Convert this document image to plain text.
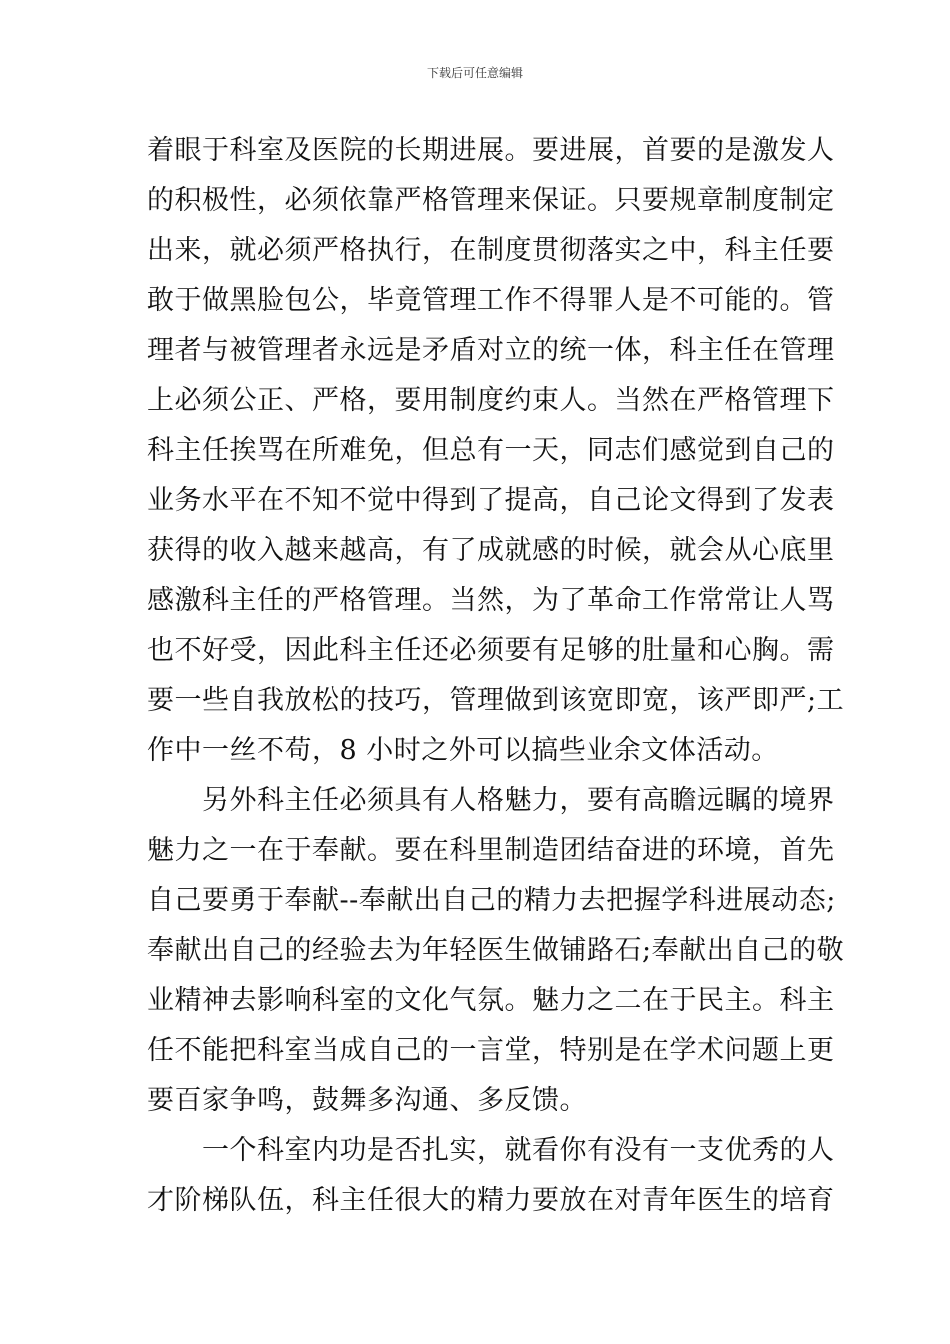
下载后可任意编辑
着眼于科室及医院的长期进展。要进展，首要的是激发人
的积极性，必须依靠严格管理来保证。只要规章制度制定
出来，就必须严格执行，在制度贯彻落实之中，科主任要
敢于做黑脸包公，毕竟管理工作不得罪人是不可能的。管
理者与被管理者永远是矛盾对立的统一体，科主任在管理
上必须公正、严格，要用制度约束人。当然在严格管理下
科主任挨骂在所难免，但总有一天，同志们感觉到自己的
业务水平在不知不觉中得到了提高，自己论文得到了发表
获得的收入越来越高，有了成就感的时候，就会从心底里
感激科主任的严格管理。当然，为了革命工作常常让人骂
也不好受，因此科主任还必须要有足够的肚量和心胸。需
要一些自我放松的技巧，管理做到该宽即宽，该严即严;工
作中一丝不苟，8 小时之外可以搞些业余文体活动。
另外科主任必须具有人格魅力，要有高瞻远瞩的境界
魅力之一在于奉献。要在科里制造团结奋进的环境，首先
自己要勇于奉献--奉献出自己的精力去把握学科进展动态;
奉献出自己的经验去为年轻医生做铺路石;奉献出自己的敬
业精神去影响科室的文化气氛。魅力之二在于民主。科主
任不能把科室当成自己的一言堂，特别是在学术问题上更
要百家争鸣，鼓舞多沟通、多反馈。
一个科室内功是否扎实，就看你有没有一支优秀的人
才阶梯队伍，科主任很大的精力要放在对青年医生的培育
